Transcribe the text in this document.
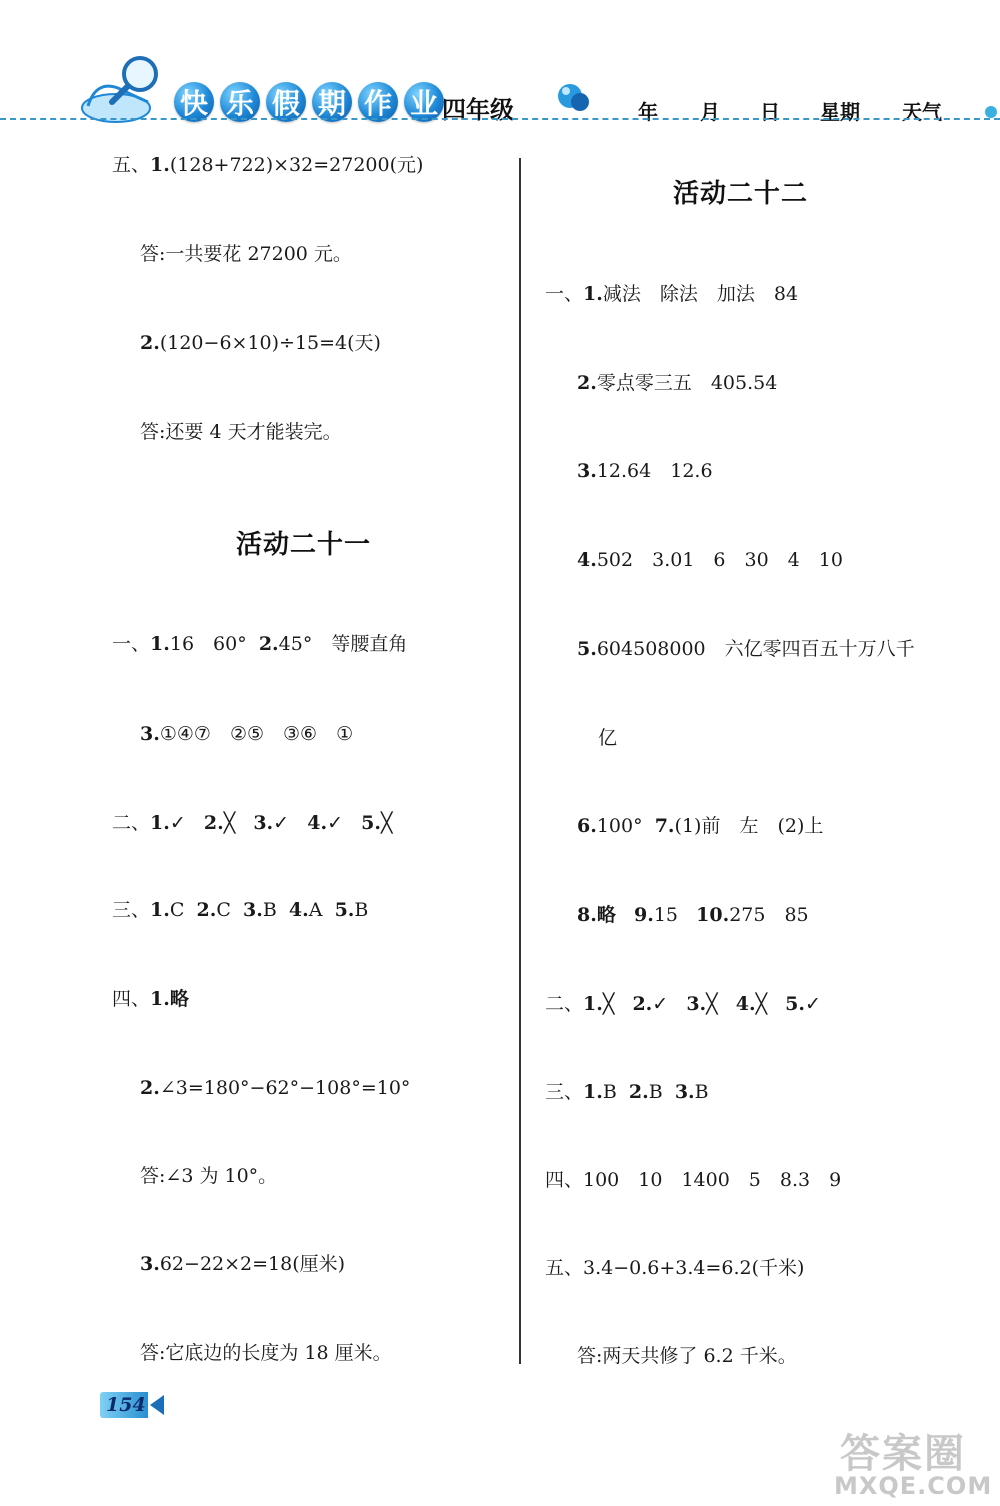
快 乐 假 期 作 业 四年级	年 月 日 星期 天气
五、1.(128+722)×32=27200(元)
答:一共要花 27200 元。
2.(120−6×10)÷15=4(天)
答:还要 4 天才能装完。
活动二十一
一、1.16　60° 2.45°　等腰直角
3.①④⑦　②⑤　③⑥　①
二、1.✓ 2.╳ 3.✓ 4.✓ 5.╳
三、1.C 2.C 3.B 4.A 5.B
四、1.略
2.∠3=180°−62°−108°=10°
答:∠3 为 10°。
3.62−22×2=18(厘米)
答:它底边的长度为 18 厘米。
活动二十二
一、1.减法　除法　加法　84
2.零点零三五　405.54
3.12.64　12.6
4.502　3.01　6　30　4　10
5.604508000　六亿零四百五十万八千
亿
6.100° 7.(1)前　左　(2)上
8.略 9.15 10.275　85
二、1.╳ 2.✓ 3.╳ 4.╳ 5.✓
三、1.B 2.B 3.B
四、100　10　1400　5　8.3　9
五、3.4−0.6+3.4=6.2(千米)
答:两天共修了 6.2 千米。
154
答案圈
MXQE.COM
